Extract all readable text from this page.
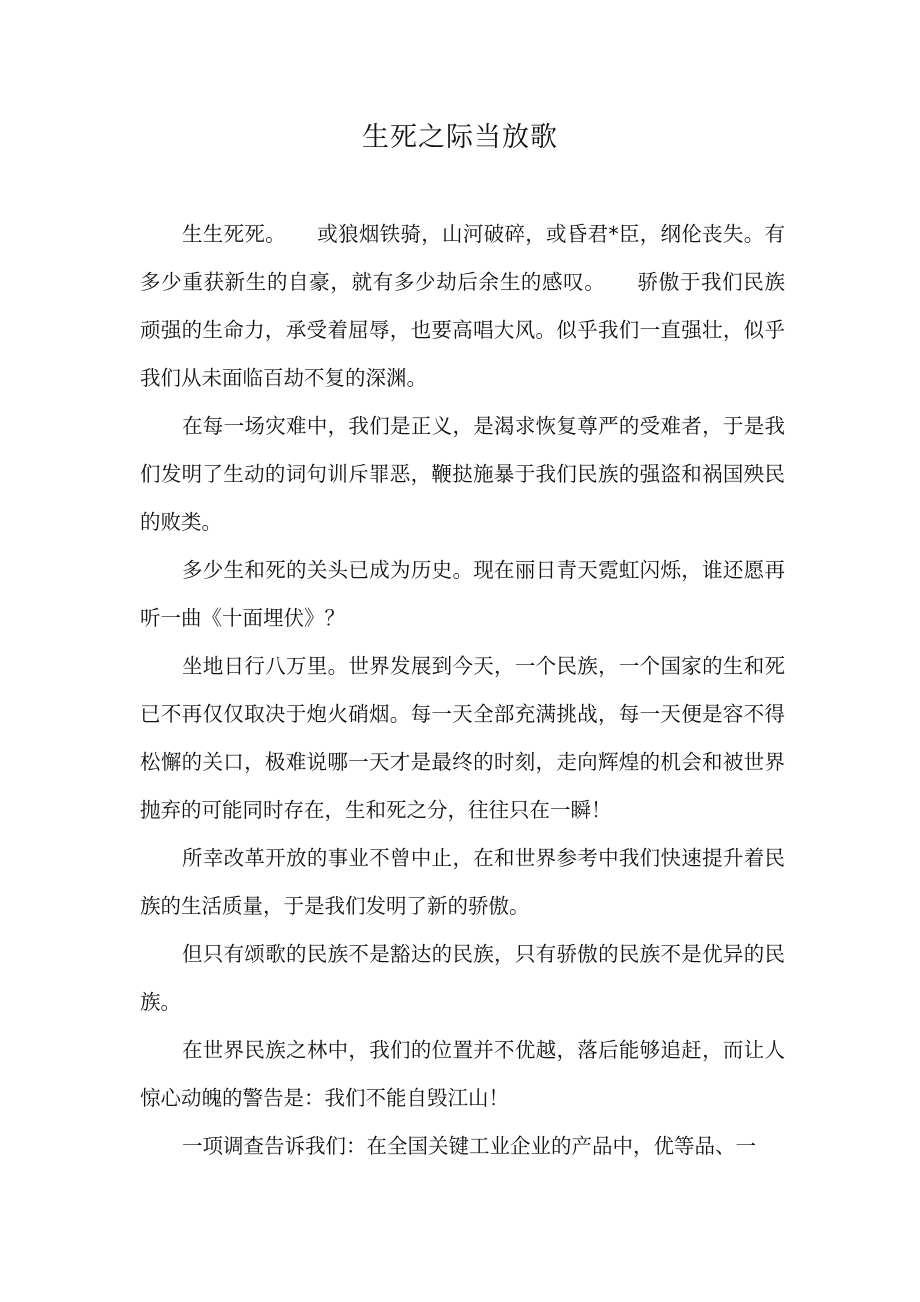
生死之际当放歌

生生死死。　　或狼烟铁骑，山河破碎，或昏君*臣，纲伦丧失。有多少重获新生的自豪，就有多少劫后余生的感叹。　　骄傲于我们民族顽强的生命力，承受着屈辱，也要高唱大风。似乎我们一直强壮，似乎我们从未面临百劫不复的深渊。

在每一场灾难中，我们是正义，是渴求恢复尊严的受难者，于是我们发明了生动的词句训斥罪恶，鞭挞施暴于我们民族的强盗和祸国殃民的败类。

多少生和死的关头已成为历史。现在丽日青天霓虹闪烁，谁还愿再听一曲《十面埋伏》？

坐地日行八万里。世界发展到今天，一个民族，一个国家的生和死已不再仅仅取决于炮火硝烟。每一天全部充满挑战，每一天便是容不得松懈的关口，极难说哪一天才是最终的时刻，走向辉煌的机会和被世界抛弃的可能同时存在，生和死之分，往往只在一瞬！

所幸改革开放的事业不曾中止，在和世界参考中我们快速提升着民族的生活质量，于是我们发明了新的骄傲。

但只有颂歌的民族不是豁达的民族，只有骄傲的民族不是优异的民族。

在世界民族之林中，我们的位置并不优越，落后能够追赶，而让人惊心动魄的警告是：我们不能自毁江山！

一项调查告诉我们：在全国关键工业企业的产品中，优等品、一
